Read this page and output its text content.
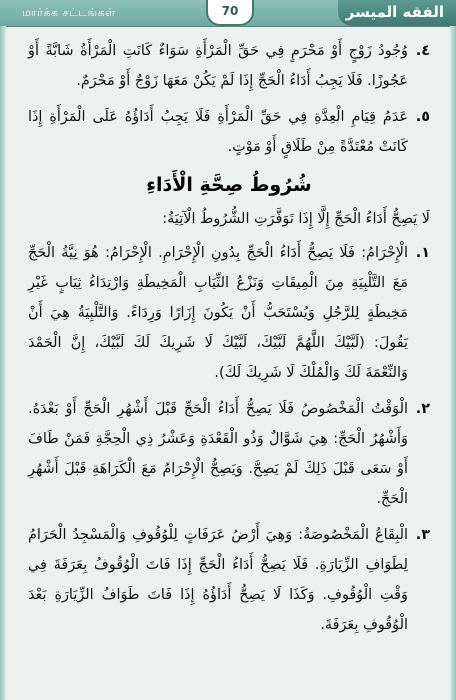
மார்க்க சட்டங்கள்	الفقه الميسر
70
٤.
وُجُودُ زَوْجٍ أَوْ مَحْرَمٍ فِي حَقِّ الْمَرْأَةِ سَوَاءٌ كَانَتِ الْمَرْأَةُ شَابَّةً أَوْ عَجُوزًا. فَلَا يَجِبُ أَدَاءُ الْحَجِّ إِذَا لَمْ يَكُنْ مَعَهَا زَوْجٌ أَوْ مَحْرَمٌ.
٥.
عَدَمُ قِيَامِ الْعِدَّةِ فِي حَقِّ الْمَرْأَةِ فَلَا يَجِبُ أَدَاؤُهُ عَلَى الْمَرْأَةِ إِذَا كَانَتْ مُعْتَدَّةً مِنْ طَلَاقٍ أَوْ مَوْتٍ.
شُرُوطُ صِحَّةِ الْأَدَاءِ
لَا يَصِحُّ أَدَاءُ الْحَجِّ إِلَّا إِذَا تَوَفَّرَتِ الشُّرُوطُ الْآتِيَةُ:
١.
الْإِحْرَامُ: فَلَا يَصِحُّ أَدَاءُ الْحَجِّ بِدُونِ الْإِحْرَامِ. الْإِحْرَامُ: هُوَ نِيَّةُ الْحَجِّ مَعَ التَّلْبِيَةِ مِنَ الْمِيقَاتِ وَنَزْعُ الثِّيَابِ الْمَخِيطَةِ وَارْتِدَاءُ ثِيَابٍ غَيْرِ مَخِيطَةٍ لِلرَّجُلِ وَيُسْتَحَبُّ أَنْ يَكُونَ إِزَارًا وَرِدَاءً. وَالتَّلْبِيَةُ هِيَ أَنْ يَقُولَ: (لَبَّيْكَ اللَّهُمَّ لَبَّيْكَ، لَبَّيْكَ لَا شَرِيكَ لَكَ لَبَّيْكَ، إِنَّ الْحَمْدَ وَالنِّعْمَةَ لَكَ وَالْمُلْكَ لَا شَرِيكَ لَكَ).
٢.
الْوَقْتُ الْمَخْصُوصُ فَلَا يَصِحُّ أَدَاءُ الْحَجِّ قَبْلَ أَشْهُرِ الْحَجِّ أَوْ بَعْدَهُ. وَأَشْهُرُ الْحَجِّ: هِيَ شَوَّالٌ وَذُو الْقَعْدَةِ وَعَشْرُ ذِي الْحِجَّةِ فَمَنْ طَافَ أَوْ سَعَى قَبْلَ ذَلِكَ لَمْ يَصِحَّ. وَيَصِحُّ الْإِحْرَامُ مَعَ الْكَرَاهَةِ قَبْلَ أَشْهُرِ الْحَجِّ.
٣.
الْبِقَاعُ الْمَخْصُوصَةُ: وَهِيَ أَرْضُ عَرَفَاتٍ لِلْوُقُوفِ وَالْمَسْجِدُ الْحَرَامُ لِطَوَافِ الزِّيَارَةِ. فَلَا يَصِحُّ أَدَاءُ الْحَجِّ إِذَا فَاتَ الْوُقُوفُ بِعَرَفَةَ فِي وَقْتِ الْوُقُوفِ. وَكَذَا لَا يَصِحُّ أَدَاؤُهُ إِذَا فَاتَ طَوَافُ الزِّيَارَةِ بَعْدَ الْوُقُوفِ بِعَرَفَةَ.
